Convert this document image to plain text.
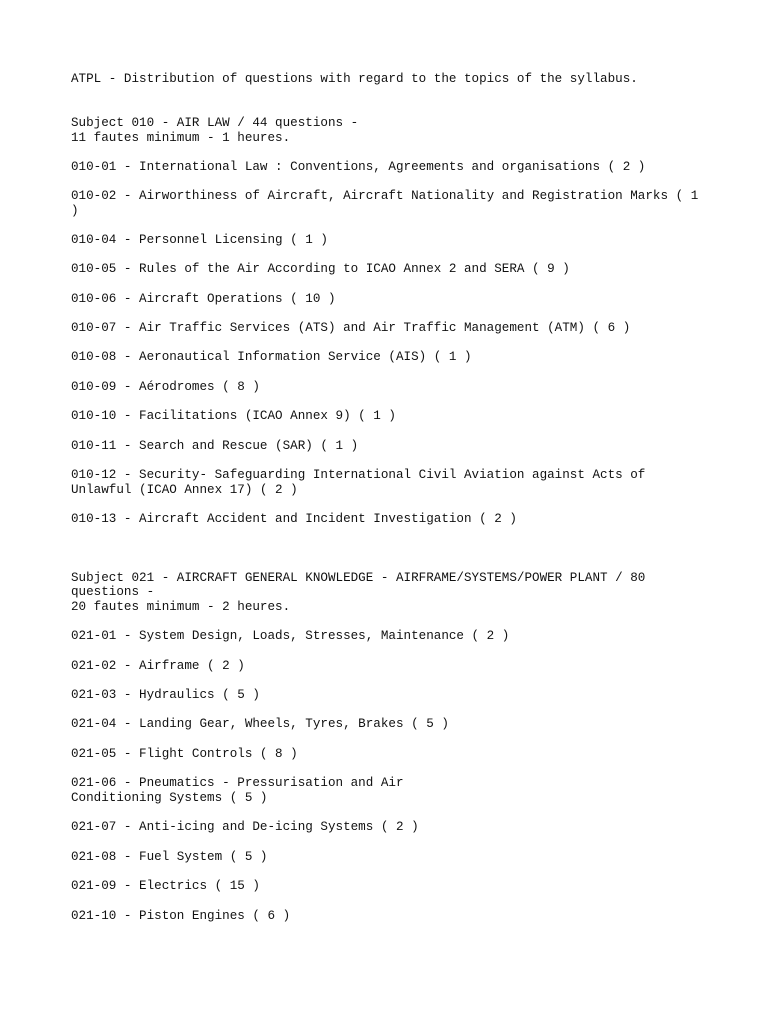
ATPL - Distribution of questions with regard to the topics of the syllabus.
Subject 010 - AIR LAW / 44 questions -
11 fautes minimum - 1 heures.
010-01 - International Law : Conventions, Agreements and organisations ( 2 )
010-02 - Airworthiness of Aircraft, Aircraft Nationality and Registration Marks ( 1
)
010-04 - Personnel Licensing ( 1 )
010-05 - Rules of the Air According to ICAO Annex 2 and SERA ( 9 )
010-06 - Aircraft Operations ( 10 )
010-07 - Air Traffic Services (ATS) and Air Traffic Management (ATM) ( 6 )
010-08 - Aeronautical Information Service (AIS) ( 1 )
010-09 - Aérodromes ( 8 )
010-10 - Facilitations (ICAO Annex 9) ( 1 )
010-11 - Search and Rescue (SAR) ( 1 )
010-12 - Security- Safeguarding International Civil Aviation against Acts of
Unlawful (ICAO Annex 17) ( 2 )
010-13 - Aircraft Accident and Incident Investigation ( 2 )
Subject 021 - AIRCRAFT GENERAL KNOWLEDGE - AIRFRAME/SYSTEMS/POWER PLANT / 80
questions -
20 fautes minimum - 2 heures.
021-01 - System Design, Loads, Stresses, Maintenance ( 2 )
021-02 - Airframe ( 2 )
021-03 - Hydraulics ( 5 )
021-04 - Landing Gear, Wheels, Tyres, Brakes ( 5 )
021-05 - Flight Controls ( 8 )
021-06 - Pneumatics - Pressurisation and Air
Conditioning Systems ( 5 )
021-07 - Anti-icing and De-icing Systems ( 2 )
021-08 - Fuel System ( 5 )
021-09 - Electrics ( 15 )
021-10 - Piston Engines ( 6 )
